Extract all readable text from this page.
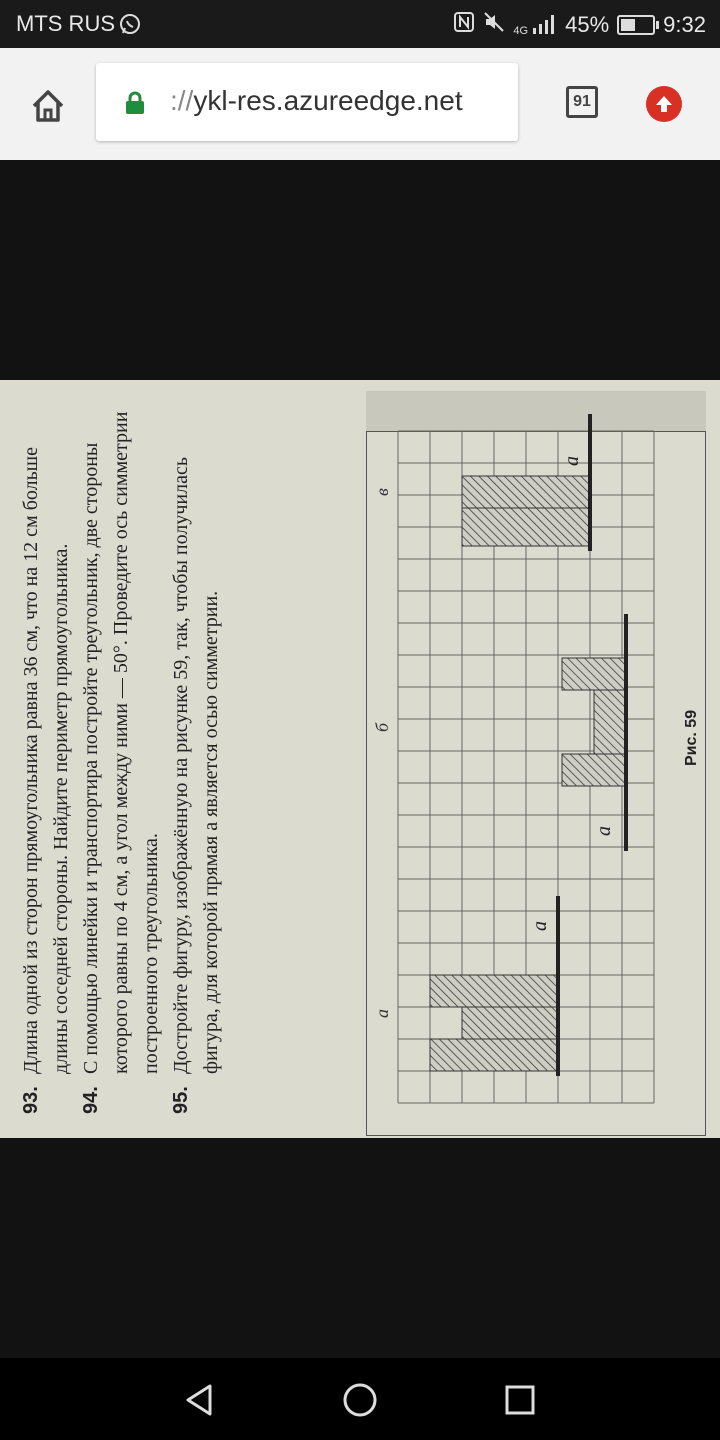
MTS RUS	4G	45% 9:32
://ykl-res.azureedge.net	91
93.
Длина одной из сторон прямоугольника равна 36 см, что на 12 см больше длины соседней стороны. Найдите периметр прямоугольника.
94.
С помощью линейки и транспортира постройте треугольник, две стороны которого равны по 4 см, а угол между ними — 50°. Проведите ось симметрии построенного треугольника.
95.
Достройте фигуру, изображённую на рисунке 59, так, чтобы получилась фигура, для которой прямая a является осью симметрии.	a
a
a
а
б
в
Рис. 59
